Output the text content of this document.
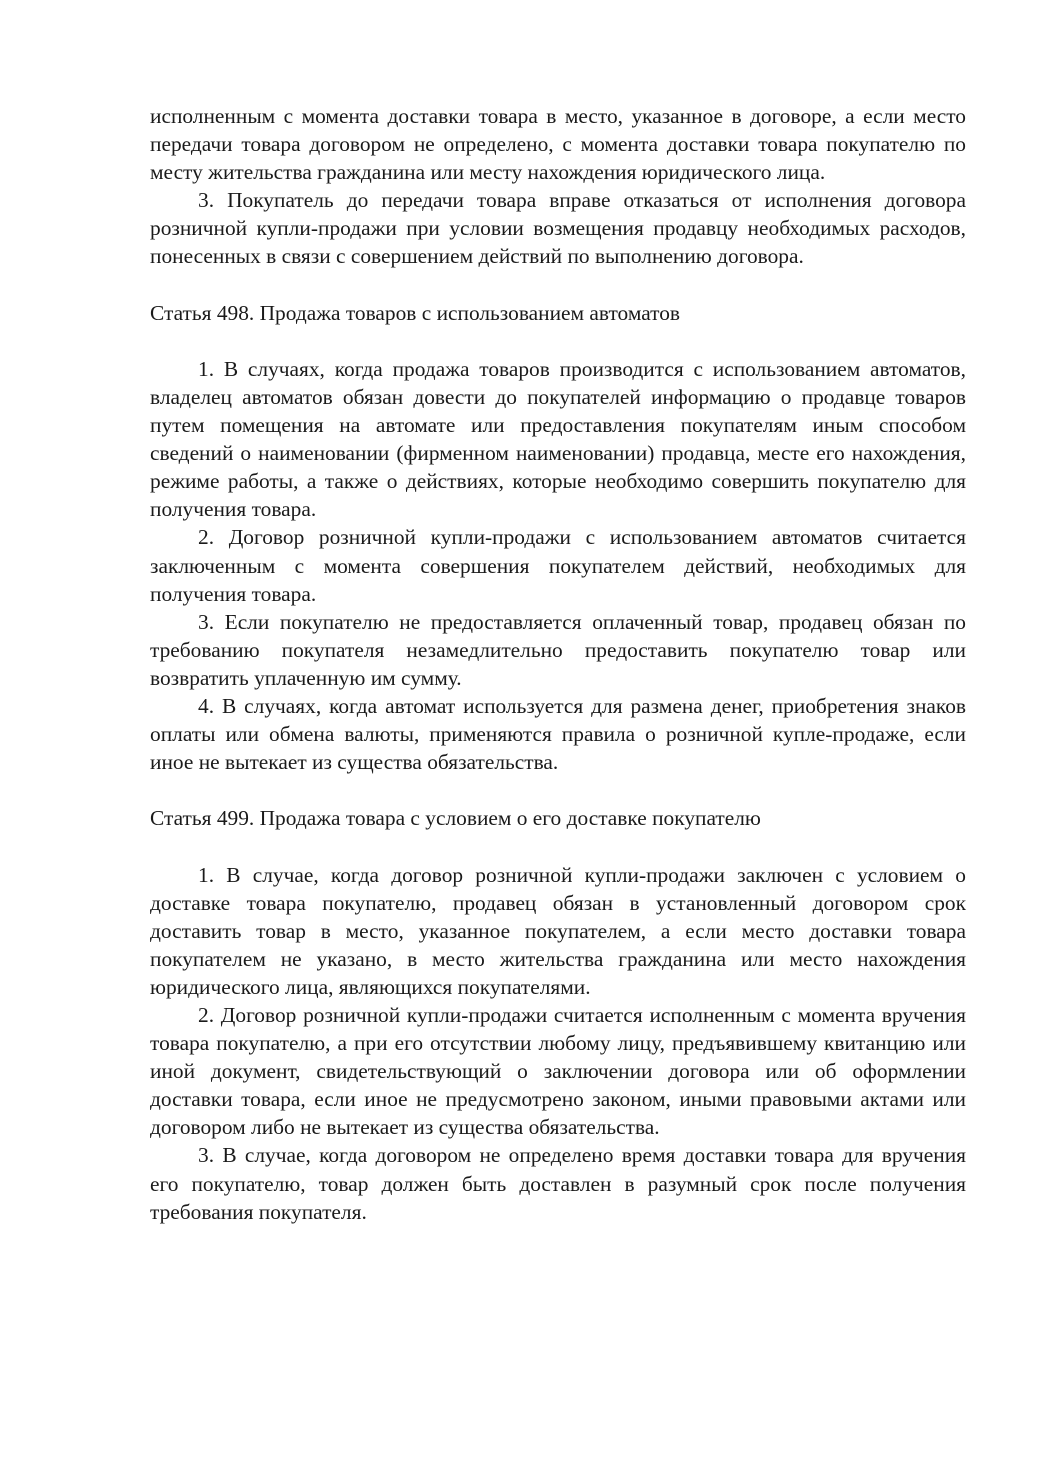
исполненным с момента доставки товара в место, указанное в договоре, а если место передачи товара договором не определено, с момента доставки товара покупателю по месту жительства гражданина или месту нахождения юридического лица.

3. Покупатель до передачи товара вправе отказаться от исполнения договора розничной купли-продажи при условии возмещения продавцу необходимых расходов, понесенных в связи с совершением действий по выполнению договора.

Статья 498. Продажа товаров с использованием автоматов

1. В случаях, когда продажа товаров производится с использованием автоматов, владелец автоматов обязан довести до покупателей информацию о продавце товаров путем помещения на автомате или предоставления покупателям иным способом сведений о наименовании (фирменном наименовании) продавца, месте его нахождения, режиме работы, а также о действиях, которые необходимо совершить покупателю для получения товара.

2. Договор розничной купли-продажи с использованием автоматов считается заключенным с момента совершения покупателем действий, необходимых для получения товара.

3. Если покупателю не предоставляется оплаченный товар, продавец обязан по требованию покупателя незамедлительно предоставить покупателю товар или возвратить уплаченную им сумму.

4. В случаях, когда автомат используется для размена денег, приобретения знаков оплаты или обмена валюты, применяются правила о розничной купле-продаже, если иное не вытекает из существа обязательства.

Статья 499. Продажа товара с условием о его доставке покупателю

1. В случае, когда договор розничной купли-продажи заключен с условием о доставке товара покупателю, продавец обязан в установленный договором срок доставить товар в место, указанное покупателем, а если место доставки товара покупателем не указано, в место жительства гражданина или место нахождения юридического лица, являющихся покупателями.

2. Договор розничной купли-продажи считается исполненным с момента вручения товара покупателю, а при его отсутствии любому лицу, предъявившему квитанцию или иной документ, свидетельствующий о заключении договора или об оформлении доставки товара, если иное не предусмотрено законом, иными правовыми актами или договором либо не вытекает из существа обязательства.

3. В случае, когда договором не определено время доставки товара для вручения его покупателю, товар должен быть доставлен в разумный срок после получения требования покупателя.
